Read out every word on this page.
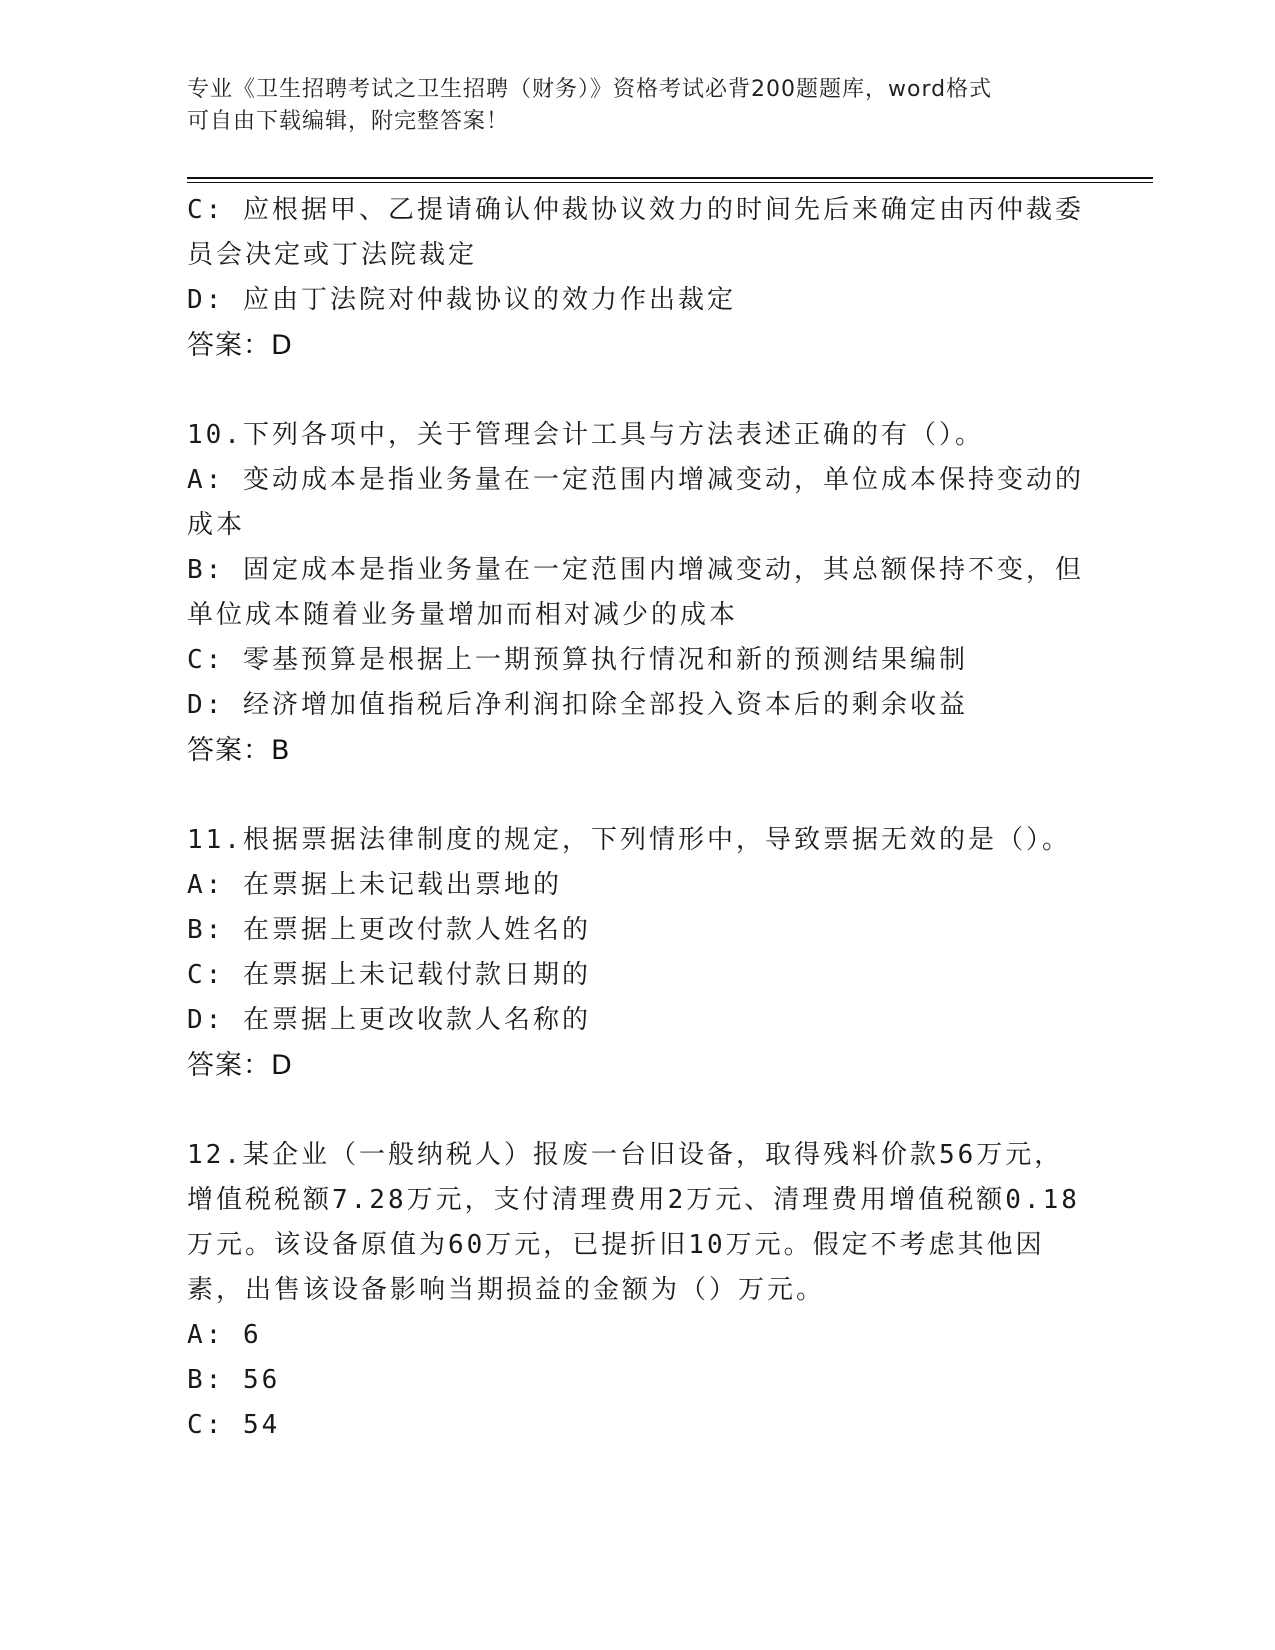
专业《卫生招聘考试之卫生招聘（财务）》资格考试必背200题题库，word格式
可自由下载编辑，附完整答案！
C: 应根据甲、乙提请确认仲裁协议效力的时间先后来确定由丙仲裁委
员会决定或丁法院裁定
D: 应由丁法院对仲裁协议的效力作出裁定
答案：D
10.下列各项中，关于管理会计工具与方法表述正确的有（）。
A: 变动成本是指业务量在一定范围内增减变动，单位成本保持变动的
成本
B: 固定成本是指业务量在一定范围内增减变动，其总额保持不变，但
单位成本随着业务量增加而相对减少的成本
C: 零基预算是根据上一期预算执行情况和新的预测结果编制
D: 经济增加值指税后净利润扣除全部投入资本后的剩余收益
答案：B
11.根据票据法律制度的规定，下列情形中，导致票据无效的是（）。
A: 在票据上未记载出票地的
B: 在票据上更改付款人姓名的
C: 在票据上未记载付款日期的
D: 在票据上更改收款人名称的
答案：D
12.某企业（一般纳税人）报废一台旧设备，取得残料价款56万元，
增值税税额7.28万元，支付清理费用2万元、清理费用增值税额0.18
万元。该设备原值为60万元，已提折旧10万元。假定不考虑其他因
素，出售该设备影响当期损益的金额为（）万元。
A: 6
B: 56
C: 54
